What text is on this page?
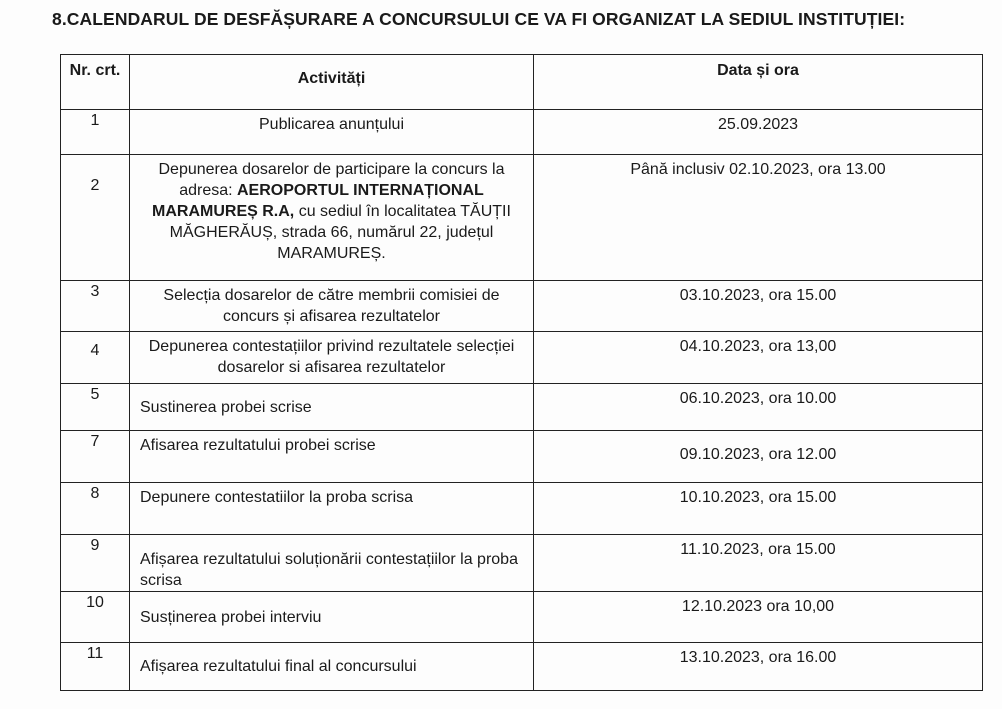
8.CALENDARUL DE DESFĂȘURARE A CONCURSULUI CE VA FI ORGANIZAT LA SEDIUL INSTITUȚIEI:
Nr. crt.	Activități	Data și ora
1	Publicarea anunțului	25.09.2023
2	Depunerea dosarelor de participare la concurs la adresa: AEROPORTUL INTERNAȚIONAL MARAMUREȘ R.A, cu sediul în localitatea TĂUȚII MĂGHERĂUȘ, strada 66, numărul 22, județul MARAMUREȘ.	Până inclusiv 02.10.2023, ora 13.00
3	Selecția dosarelor de către membrii comisiei de concurs și afisarea rezultatelor	03.10.2023, ora 15.00
4	Depunerea contestațiilor privind rezultatele selecției dosarelor si afisarea rezultatelor	04.10.2023, ora 13,00
5	Sustinerea probei scrise	06.10.2023, ora 10.00
7	Afisarea rezultatului probei scrise	09.10.2023, ora 12.00
8	Depunere contestatiilor la proba scrisa	10.10.2023, ora 15.00
9	Afișarea rezultatului soluționării contestațiilor la proba scrisa	11.10.2023, ora 15.00
10	Susținerea probei interviu	12.10.2023 ora 10,00
11	Afișarea rezultatului final al concursului	13.10.2023, ora 16.00
